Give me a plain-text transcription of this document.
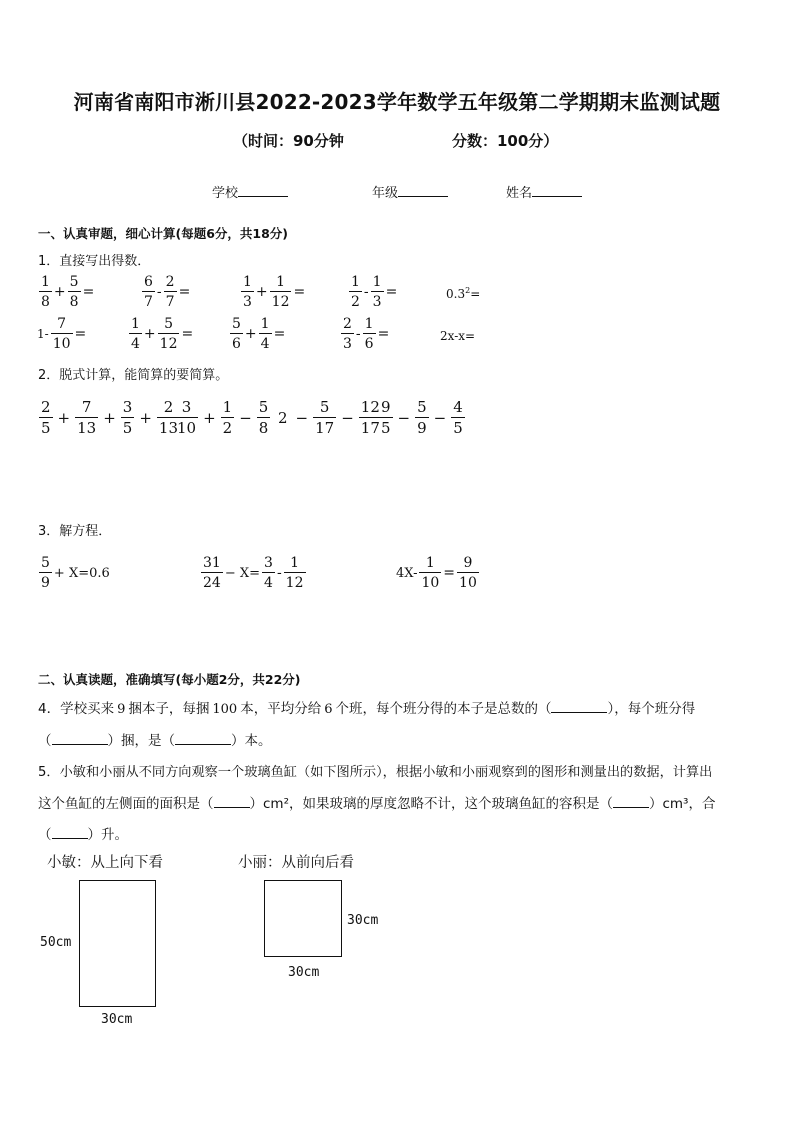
河南省南阳市淅川县2022-2023学年数学五年级第二学期期末监测试题
（时间：90分钟	分数：100分）
学校	年级	姓名
一、认真审题，细心计算(每题6分，共18分)
1．直接写出得数．
$\frac{1}{8} + \frac{5}{8}$ =	$\frac{6}{7} - \frac{2}{7}$ =	$\frac{1}{3} + \frac{1}{12}$ =	$\frac{1}{2} - \frac{1}{3}$ =	$0.3^2=$
$1- \frac{7}{10}$ =	$\frac{1}{4} + \frac{5}{12}$ =	$\frac{5}{6} + \frac{1}{4}$ =	$\frac{2}{3} - \frac{1}{6}$ =	2x-x=
2．脱式计算，能简算的要简算。
$\frac{2}{5} + \frac{7}{13} + \frac{3}{5} + \frac{2}{13}$
$\frac{3}{10} + \frac{1}{2} - \frac{5}{8} 2 - \frac{5}{17} - \frac{12}{17}$
$\frac{9}{5} - \frac{5}{9} - \frac{4}{5}$
3．解方程．
$\frac{5}{9} + X=0.6$	$\frac{31}{24} - X= \frac{3}{4} - \frac{1}{12}$	$4X- \frac{1}{10} = \frac{9}{10}$
二、认真读题，准确填写(每小题2分，共22分)
4．学校买来 9 捆本子，每捆 100 本，平均分给 6 个班，每个班分得的本子是总数的（	），每个班分得
（	）捆，是（	）本。
5．小敏和小丽从不同方向观察一个玻璃鱼缸（如下图所示），根据小敏和小丽观察到的图形和测量出的数据，计算出
这个鱼缸的左侧面的面积是（	）cm²，如果玻璃的厚度忽略不计，这个玻璃鱼缸的容积是（	）cm³，合
（	）升。
小敏：从上向下看	小丽：从前向后看
50cm
30cm
30cm
30cm
